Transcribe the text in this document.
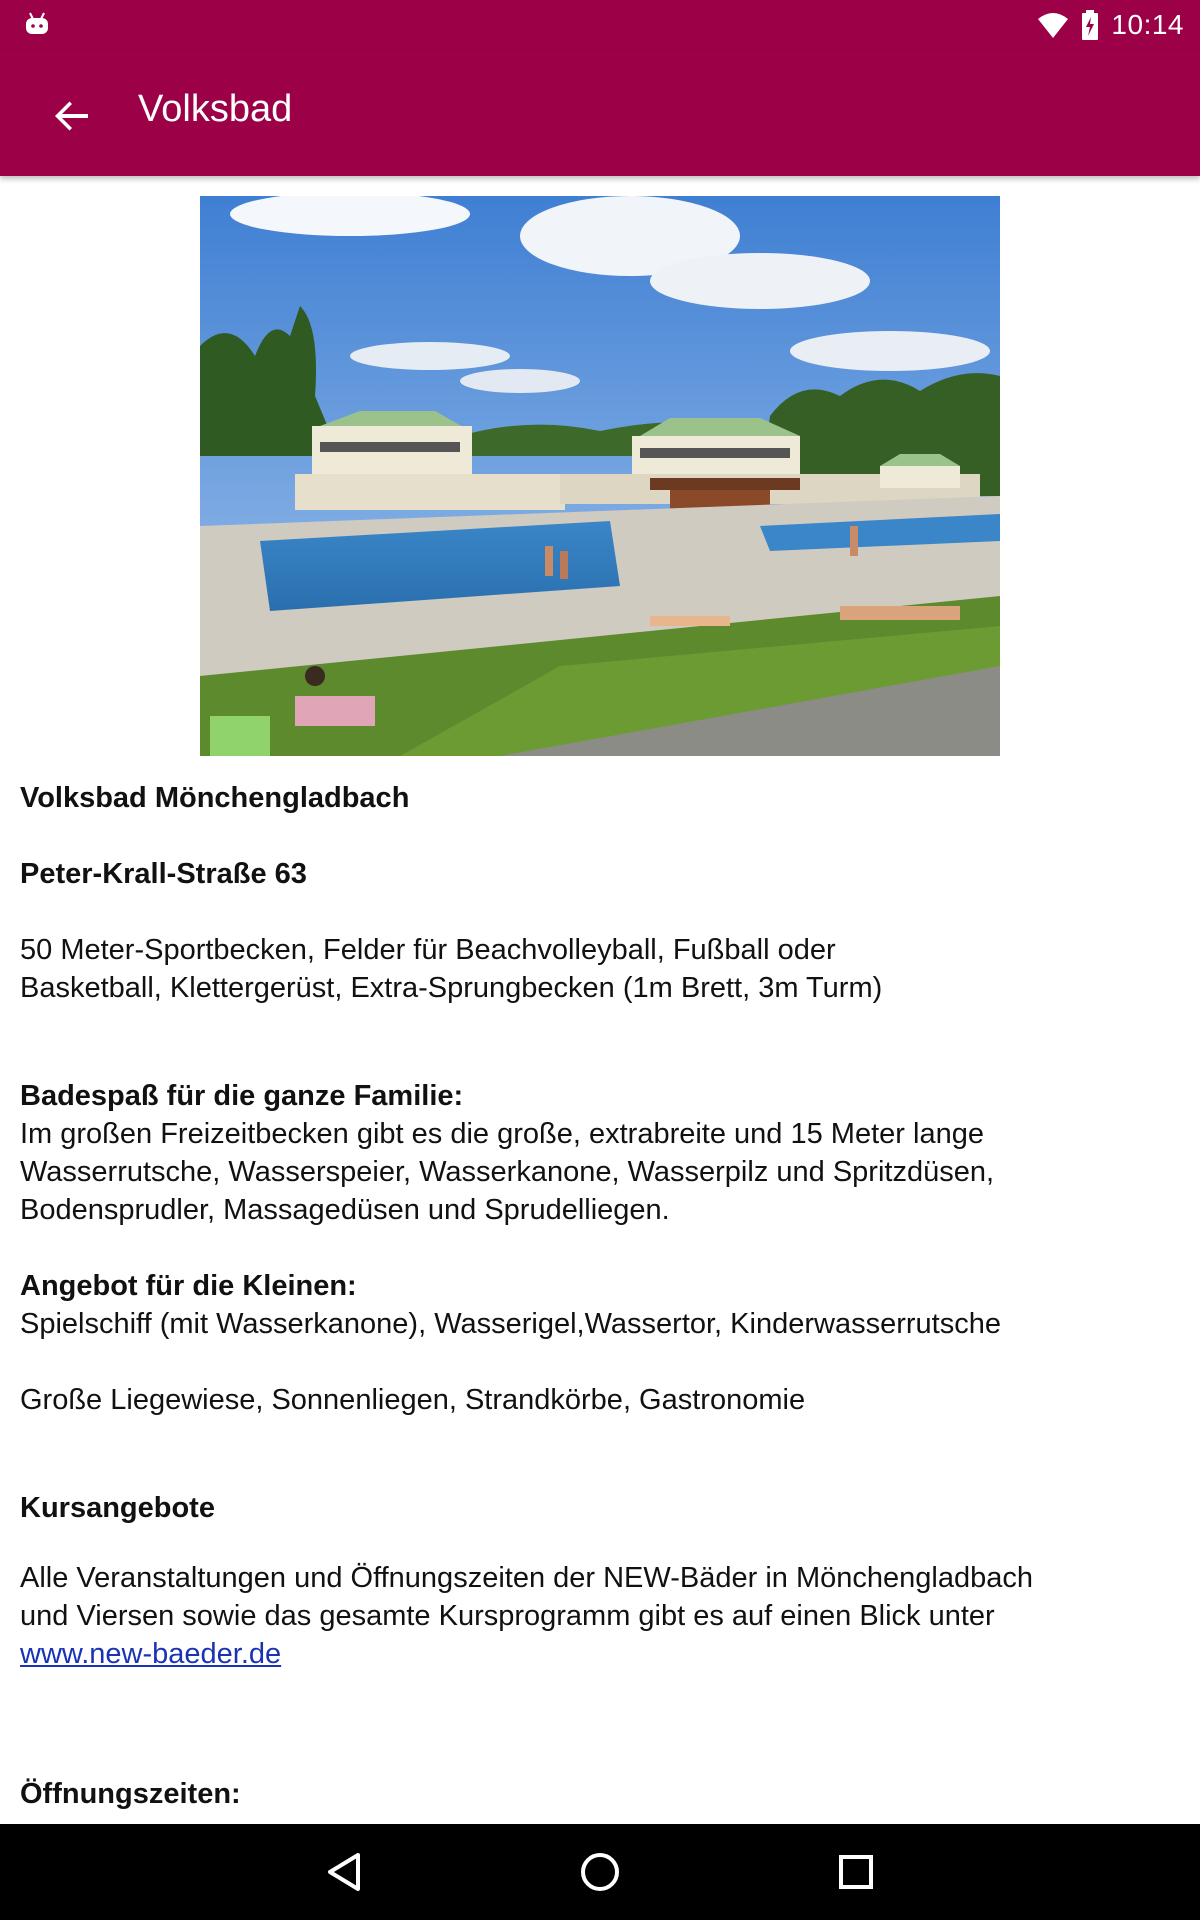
10:14
Volksbad

Volksbad Mönchengladbach

Peter-Krall-Straße 63

50 Meter-Sportbecken, Felder für Beachvolleyball, Fußball oder

Basketball, Klettergerüst, Extra-Sprungbecken (1m Brett, 3m Turm)

Badespaß für die ganze Familie:

Im großen Freizeitbecken gibt es die große, extrabreite und 15 Meter lange

Wasserrutsche, Wasserspeier, Wasserkanone, Wasserpilz und Spritzdüsen,

Bodensprudler, Massagedüsen und Sprudelliegen.

Angebot für die Kleinen:

Spielschiff (mit Wasserkanone), Wasserigel,Wassertor, Kinderwasserrutsche

Große Liegewiese, Sonnenliegen, Strandkörbe, Gastronomie

Kursangebote

Alle Veranstaltungen und Öffnungszeiten der NEW-Bäder in Mönchengladbach

und Viersen sowie das gesamte Kursprogramm gibt es auf einen Blick unter

www.new-baeder.de

Öffnungszeiten:
